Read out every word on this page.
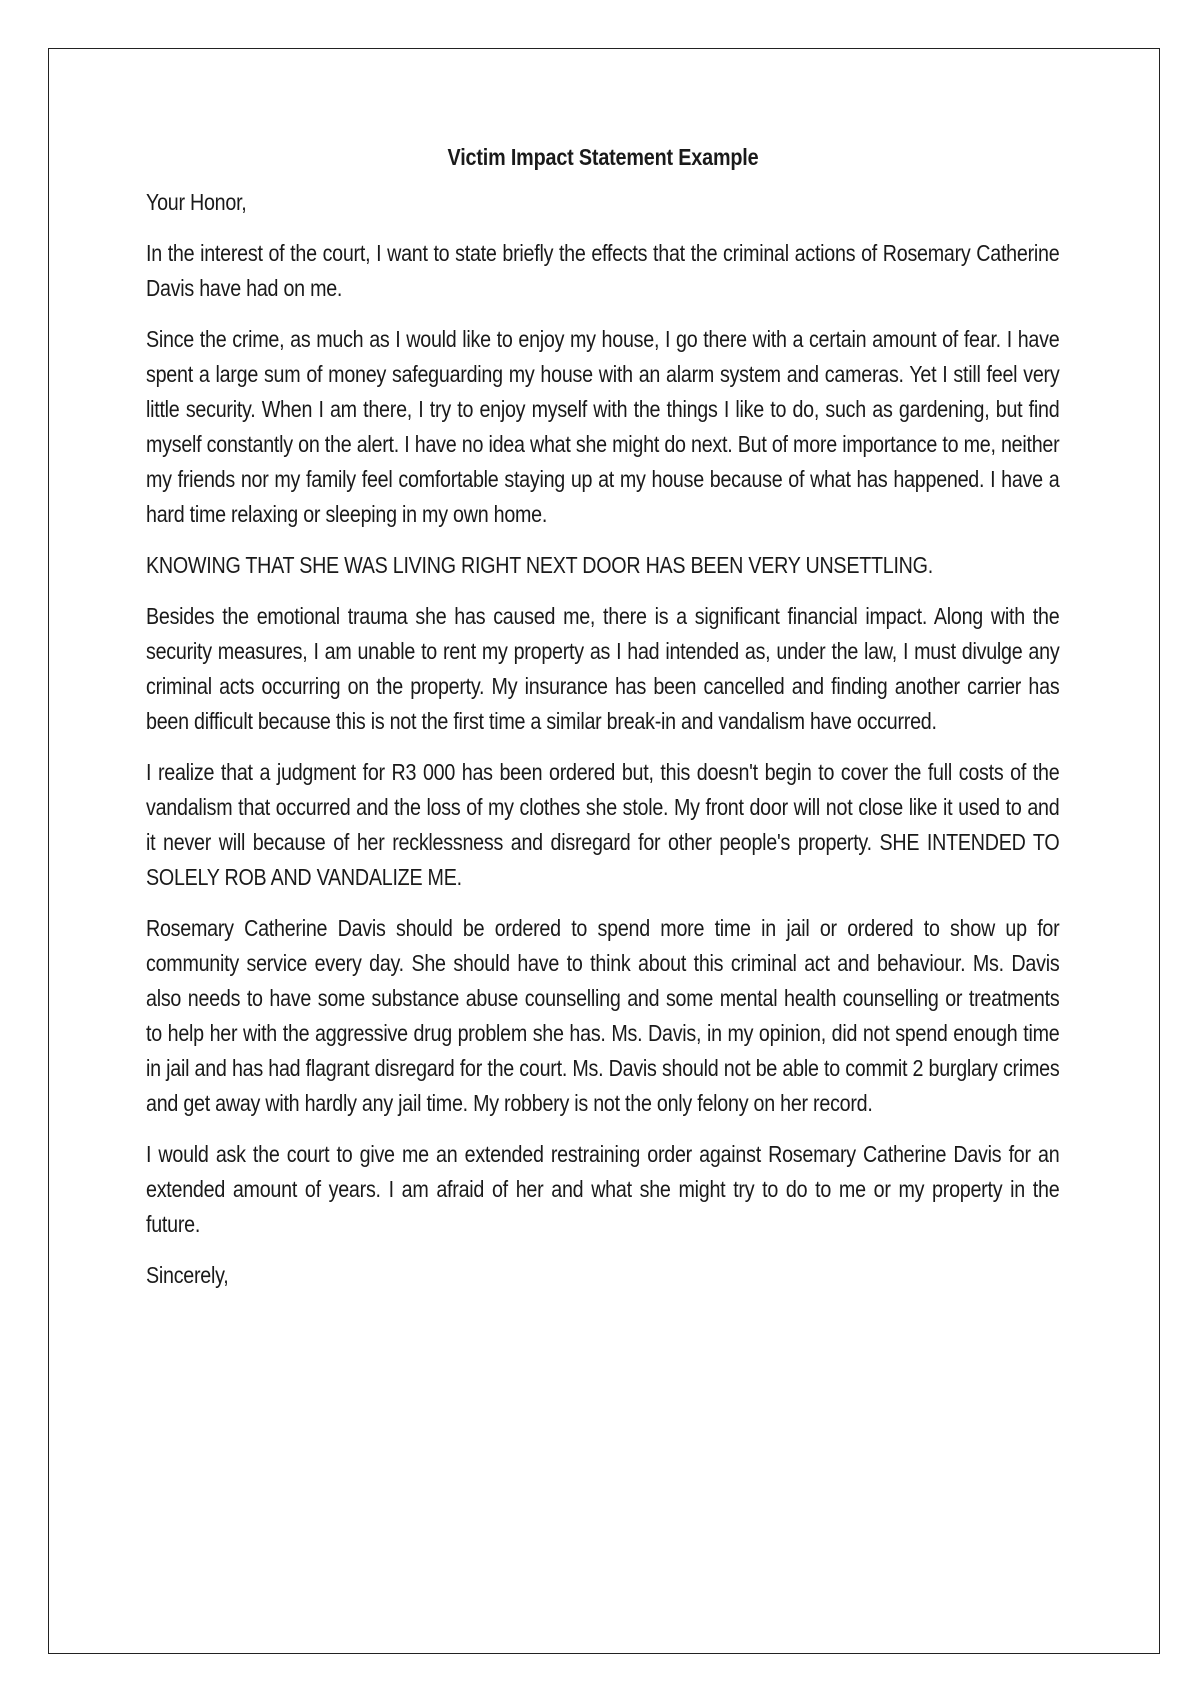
Victim Impact Statement Example
Your Honor,
In the interest of the court, I want to state briefly the effects that the criminal actions of Rosemary Catherine Davis have had on me.
Since the crime, as much as I would like to enjoy my house, I go there with a certain amount of fear. I have spent a large sum of money safeguarding my house with an alarm system and cameras. Yet I still feel very little security. When I am there, I try to enjoy myself with the things I like to do, such as gardening, but find myself constantly on the alert. I have no idea what she might do next. But of more importance to me, neither my friends nor my family feel comfortable staying up at my house because of what has happened. I have a hard time relaxing or sleeping in my own home.
KNOWING THAT SHE WAS LIVING RIGHT NEXT DOOR HAS BEEN VERY UNSETTLING.
Besides the emotional trauma she has caused me, there is a significant financial impact. Along with the security measures, I am unable to rent my property as I had intended as, under the law, I must divulge any criminal acts occurring on the property. My insurance has been cancelled and finding another carrier has been difficult because this is not the first time a similar break-in and vandalism have occurred.
I realize that a judgment for R3 000 has been ordered but, this doesn't begin to cover the full costs of the vandalism that occurred and the loss of my clothes she stole. My front door will not close like it used to and it never will because of her recklessness and disregard for other people's property. SHE INTENDED TO SOLELY ROB AND VANDALIZE ME.
Rosemary Catherine Davis should be ordered to spend more time in jail or ordered to show up for community service every day. She should have to think about this criminal act and behaviour. Ms. Davis also needs to have some substance abuse counselling and some mental health counselling or treatments to help her with the aggressive drug problem she has. Ms. Davis, in my opinion, did not spend enough time in jail and has had flagrant disregard for the court. Ms. Davis should not be able to commit 2 burglary crimes and get away with hardly any jail time. My robbery is not the only felony on her record.
I would ask the court to give me an extended restraining order against Rosemary Catherine Davis for an extended amount of years. I am afraid of her and what she might try to do to me or my property in the future.
Sincerely,
